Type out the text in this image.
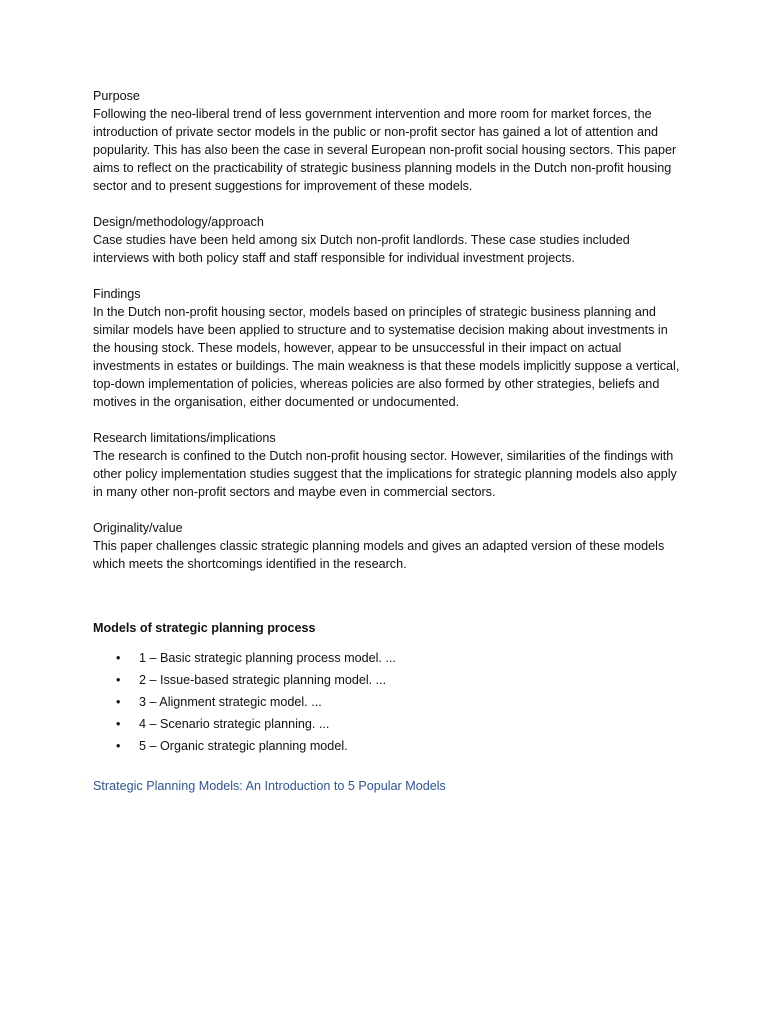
Purpose

Following the neo-liberal trend of less government intervention and more room for market forces, the introduction of private sector models in the public or non-profit sector has gained a lot of attention and popularity. This has also been the case in several European non-profit social housing sectors. This paper aims to reflect on the practicability of strategic business planning models in the Dutch non-profit housing sector and to present suggestions for improvement of these models.

Design/methodology/approach

Case studies have been held among six Dutch non-profit landlords. These case studies included interviews with both policy staff and staff responsible for individual investment projects.

Findings

In the Dutch non-profit housing sector, models based on principles of strategic business planning and similar models have been applied to structure and to systematise decision making about investments in the housing stock. These models, however, appear to be unsuccessful in their impact on actual investments in estates or buildings. The main weakness is that these models implicitly suppose a vertical, top-down implementation of policies, whereas policies are also formed by other strategies, beliefs and motives in the organisation, either documented or undocumented.

Research limitations/implications

The research is confined to the Dutch non-profit housing sector. However, similarities of the findings with other policy implementation studies suggest that the implications for strategic planning models also apply in many other non-profit sectors and maybe even in commercial sectors.

Originality/value

This paper challenges classic strategic planning models and gives an adapted version of these models which meets the shortcomings identified in the research.

Models of strategic planning process

• 1 – Basic strategic planning process model. ...
• 2 – Issue-based strategic planning model. ...
• 3 – Alignment strategic model. ...
• 4 – Scenario strategic planning. ...
• 5 – Organic strategic planning model.
Strategic Planning Models: An Introduction to 5 Popular Models
